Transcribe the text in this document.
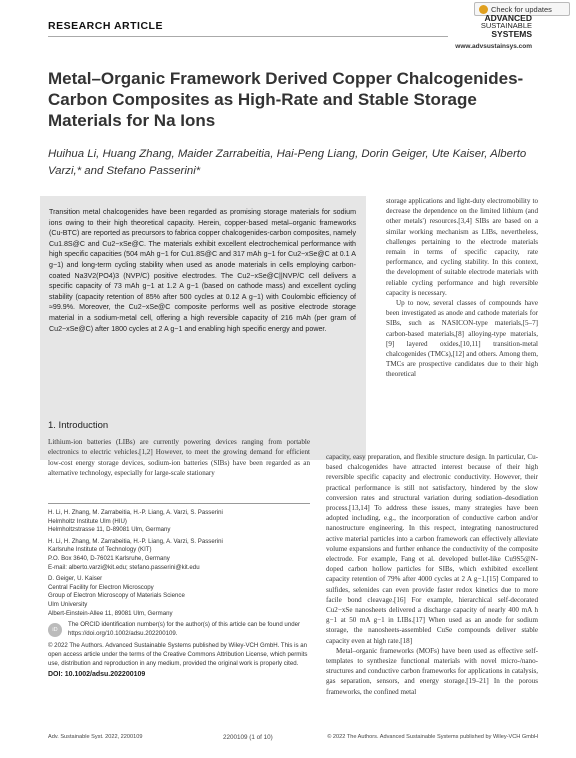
Check for updates
RESEARCH ARTICLE
ADVANCED
SUSTAINABLE
SYSTEMS
www.advsustainsys.com
Metal–Organic Framework Derived Copper Chalcogenides-Carbon Composites as High-Rate and Stable Storage Materials for Na Ions
Huihua Li, Huang Zhang, Maider Zarrabeitia, Hai-Peng Liang, Dorin Geiger, Ute Kaiser, Alberto Varzi,* and Stefano Passerini*
Transition metal chalcogenides have been regarded as promising storage materials for sodium ions owing to their high theoretical capacity. Herein, copper-based metal–organic frameworks (Cu-BTC) are reported as precursors to fabrica copper chalcogenides-carbon composites, namely Cu1.8S@C and Cu2−xSe@C. The materials exhibit excellent electrochemical performance with high specific capacities (504 mAh g−1 for Cu1.8S@C and 317 mAh g−1 for Cu2−xSe@C at 0.1 A g−1) and long-term cycling stability when used as anode materials in cells employing carbon-coated Na3V2(PO4)3 (NVP/C) positive electrodes. The Cu2−xSe@C||NVP/C cell delivers a specific capacity of 73 mAh g−1 at 1.2 A g−1 (based on cathode mass) and excellent cycling stability (capacity retention of 85% after 500 cycles at 0.12 A g−1) with Coulombic efficiency of ≈99.9%. Moreover, the Cu2−xSe@C composite performs well as positive electrode storage material in a sodium-metal cell, offering a high reversible capacity of 216 mAh (per gram of Cu2−xSe@C) after 1800 cycles at 2 A g−1 and enabling high specific energy and power.

storage applications and light-duty electromobility to decrease the dependence on the limited lithium (and other metals') resources.[3,4] SIBs are based on a similar working mechanism as LIBs, nevertheless, challenges pertaining to the electrode materials remain in terms of specific capacity, rate performance, and cycling stability. In this context, the development of suitable electrode materials with reliable cycling performance and high reversible capacity is necessary.

Up to now, several classes of compounds have been investigated as anode and cathode materials for SIBs, such as NASICON-type materials,[5–7] carbon-based materials,[8] alloying-type materials,[9] layered oxides,[10,11] transition-metal chalcogenides (TMCs),[12] and others. Among them, TMCs are prospective candidates due to their high theoretical

1. Introduction
Lithium-ion batteries (LIBs) are currently powering devices ranging from portable electronics to electric vehicles.[1,2] However, to meet the growing demand for efficient low-cost energy storage devices, sodium-ion batteries (SIBs) have been regarded as an alternative technology, especially for large-scale stationary

capacity, easy preparation, and flexible structure design. In particular, Cu-based chalcogenides have attracted interest because of their high reversible specific capacity and electronic conductivity. However, their practical performance is still not satisfactory, hindered by the slow conversion rates and structural variation during sodiation–desodiation process.[13,14] To address these issues, many strategies have been adopted including, e.g., the incorporation of conductive carbon and/or nanostructure engineering. In this respect, integrating nanostructured active material particles into a carbon framework can effectively alleviate volume expansions and further enhance the conductivity of the composite electrode. For example, Fang et al. developed bullet-like Cu9S5@N-doped carbon hollow particles for SIBs, which exhibited excellent capacity retention of 79% after 4000 cycles at 2 A g−1.[15] Compared to sulfides, selenides can even provide faster redox kinetics due to more facile bond cleavage.[16] For example, hierarchical self-decorated Cu2−xSe nanosheets delivered a discharge capacity of nearly 400 mA h g−1 at 50 mA g−1 in LIBs.[17] When used as an anode for sodium storage, the nanosheets-assembled CuSe compounds deliver stable capacity even at high rate.[18]

Metal–organic frameworks (MOFs) have been used as effective self-templates to synthesize functional materials with novel micro-/nano-structures and conductive carbon frameworks for applications in catalysis, gas separation, sensors, and energy storage.[19–21] In the porous frameworks, the confined metal

H. Li, H. Zhang, M. Zarrabeitia, H.-P. Liang, A. Varzi, S. Passerini
Helmholtz Institute Ulm (HIU)
Helmholtzstrasse 11, D-89081 Ulm, Germany
H. Li, H. Zhang, M. Zarrabeitia, H.-P. Liang, A. Varzi, S. Passerini
Karlsruhe Institute of Technology (KIT)
P.O. Box 3640, D-76021 Karlsruhe, Germany
E-mail: alberto.varzi@kit.edu; stefano.passerini@kit.edu
D. Geiger, U. Kaiser
Central Facility for Electron Microscopy
Group of Electron Microscopy of Materials Science
Ulm University
Albert-Einstein-Allee 11, 89081 Ulm, Germany
iD
The ORCID identification number(s) for the author(s) of this article can be found under https://doi.org/10.1002/adsu.202200109.
© 2022 The Authors. Advanced Sustainable Systems published by Wiley-VCH GmbH. This is an open access article under the terms of the Creative Commons Attribution License, which permits use, distribution and reproduction in any medium, provided the original work is properly cited.
DOI: 10.1002/adsu.202200109
Adv. Sustainable Syst. 2022, 2200109	2200109 (1 of 10)	© 2022 The Authors. Advanced Sustainable Systems published by Wiley-VCH GmbH
